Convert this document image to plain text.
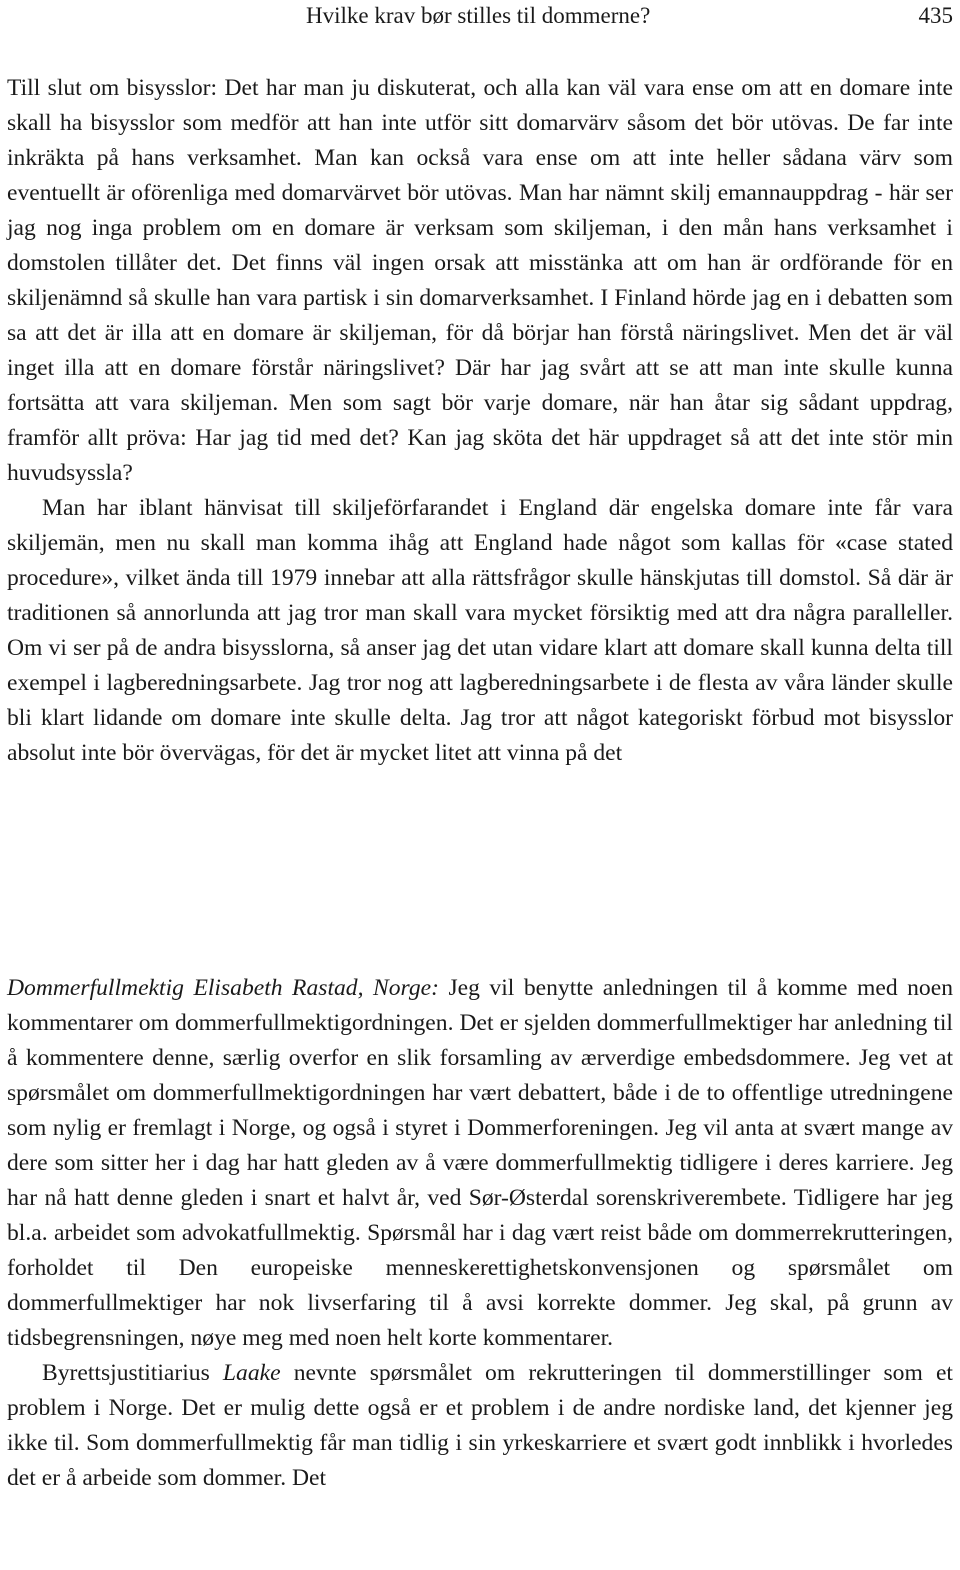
Hvilke krav bør stilles til dommerne?	435

Till slut om bisysslor: Det har man ju diskuterat, och alla kan väl vara ense om att en domare inte skall ha bisysslor som medför att han inte utför sitt domarvärv såsom det bör utövas. De far inte inkräkta på hans verksamhet. Man kan också vara ense om att inte heller sådana värv som eventuellt är oförenliga med domarvärvet bör utövas. Man har nämnt skilj emannauppdrag - här ser jag nog inga problem om en domare är verksam som skiljeman, i den mån hans verksamhet i domstolen tillåter det. Det finns väl ingen orsak att misstänka att om han är ordförande för en skiljenämnd så skulle han vara partisk i sin domarverksamhet. I Finland hörde jag en i debatten som sa att det är illa att en domare är skiljeman, för då börjar han förstå näringslivet. Men det är väl inget illa att en domare förstår näringslivet? Där har jag svårt att se att man inte skulle kunna fortsätta att vara skiljeman. Men som sagt bör varje domare, när han åtar sig sådant uppdrag, framför allt pröva: Har jag tid med det? Kan jag sköta det här uppdraget så att det inte stör min huvudsyssla?

Man har iblant hänvisat till skiljeförfarandet i England där engelska domare inte får vara skiljemän, men nu skall man komma ihåg att England hade något som kallas för «case stated procedure», vilket ända till 1979 innebar att alla rättsfrågor skulle hänskjutas till domstol. Så där är traditionen så annorlunda att jag tror man skall vara mycket försiktig med att dra några paralleller. Om vi ser på de andra bisysslorna, så anser jag det utan vidare klart att domare skall kunna delta till exempel i lagberedningsarbete. Jag tror nog att lagberedningsarbete i de flesta av våra länder skulle bli klart lidande om domare inte skulle delta. Jag tror att något kategoriskt förbud mot bisysslor absolut inte bör övervägas, för det är mycket litet att vinna på det

Dommerfullmektig Elisabeth Rastad, Norge: Jeg vil benytte anledningen til å komme med noen kommentarer om dommerfullmektigordningen. Det er sjelden dommerfullmektiger har anledning til å kommentere denne, særlig overfor en slik forsamling av ærverdige embedsdommere. Jeg vet at spørsmålet om dommerfullmektigordningen har vært debattert, både i de to offentlige utredningene som nylig er fremlagt i Norge, og også i styret i Dommerforeningen. Jeg vil anta at svært mange av dere som sitter her i dag har hatt gleden av å være dommerfullmektig tidligere i deres karriere. Jeg har nå hatt denne gleden i snart et halvt år, ved Sør-Østerdal sorenskriverembete. Tidligere har jeg bl.a. arbeidet som advokatfullmektig. Spørsmål har i dag vært reist både om dommerrekrutteringen, forholdet til Den europeiske menneskerettighetskonvensjonen og spørsmålet om dommerfullmektiger har nok livserfaring til å avsi korrekte dommer. Jeg skal, på grunn av tidsbegrensningen, nøye meg med noen helt korte kommentarer.

Byrettsjustitiarius Laake nevnte spørsmålet om rekrutteringen til dommerstillinger som et problem i Norge. Det er mulig dette også er et problem i de andre nordiske land, det kjenner jeg ikke til. Som dommerfullmektig får man tidlig i sin yrkeskarriere et svært godt innblikk i hvorledes det er å arbeide som dommer. Det
